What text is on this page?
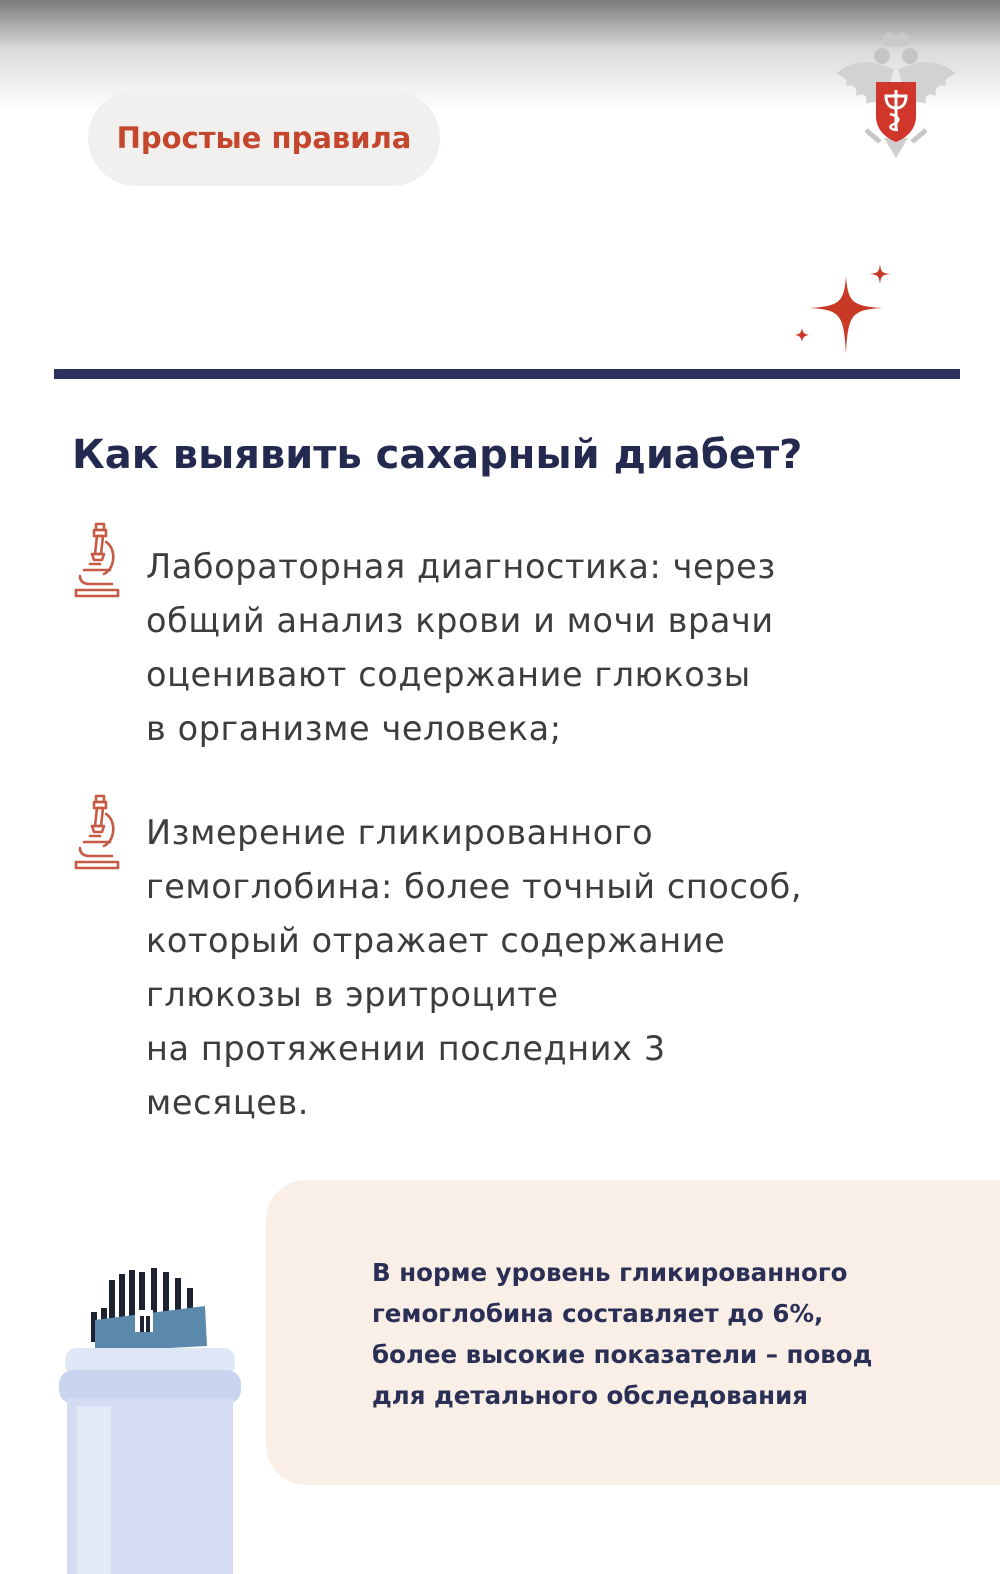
Простые правила
Как выявить сахарный диабет?

Лабораторная диагностика: через
общий анализ крови и мочи врачи
оценивают содержание глюкозы
в организме человека;

Измерение гликированного
гемоглобина: более точный способ,
который отражает содержание
глюкозы в эритроците
на протяжении последних 3
месяцев.

В норме уровень гликированного
гемоглобина составляет до 6%,
более высокие показатели – повод
для детального обследования
